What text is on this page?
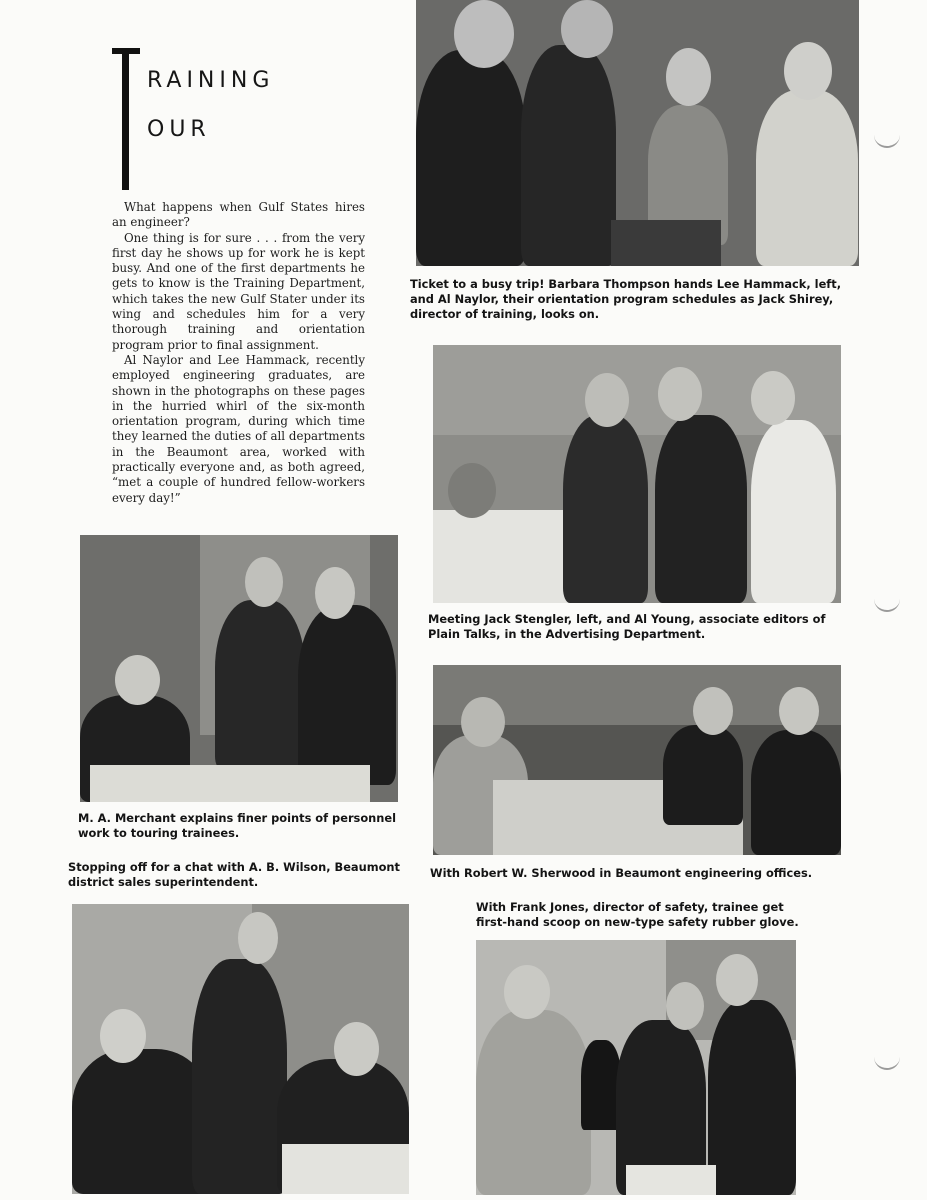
RAINING
OUR

What happens when Gulf States hires an engineer?

One thing is for sure . . . from the very first day he shows up for work he is kept busy. And one of the first departments he gets to know is the Training Department, which takes the new Gulf Stater under its wing and schedules him for a very thorough training and orientation program prior to final assignment.

Al Naylor and Lee Hammack, recently employed engineering graduates, are shown in the photographs on these pages in the hurried whirl of the six-month orientation program, during which time they learned the duties of all departments in the Beaumont area, worked with practically everyone and, as both agreed, “met a couple of hundred fellow-workers every day!”

Ticket to a busy trip! Barbara Thompson hands Lee Hammack, left, and Al Naylor, their orientation program schedules as Jack Shirey, director of training, looks on.
Meeting Jack Stengler, left, and Al Young, associate editors of Plain Talks, in the Advertising Department.
M. A. Merchant explains finer points of personnel work to touring trainees.
With Robert W. Sherwood in Beaumont engineering offices.
Stopping off for a chat with A. B. Wilson, Beaumont district sales superintendent.
With Frank Jones, director of safety, trainee get first-hand scoop on new-type safety rubber glove.
